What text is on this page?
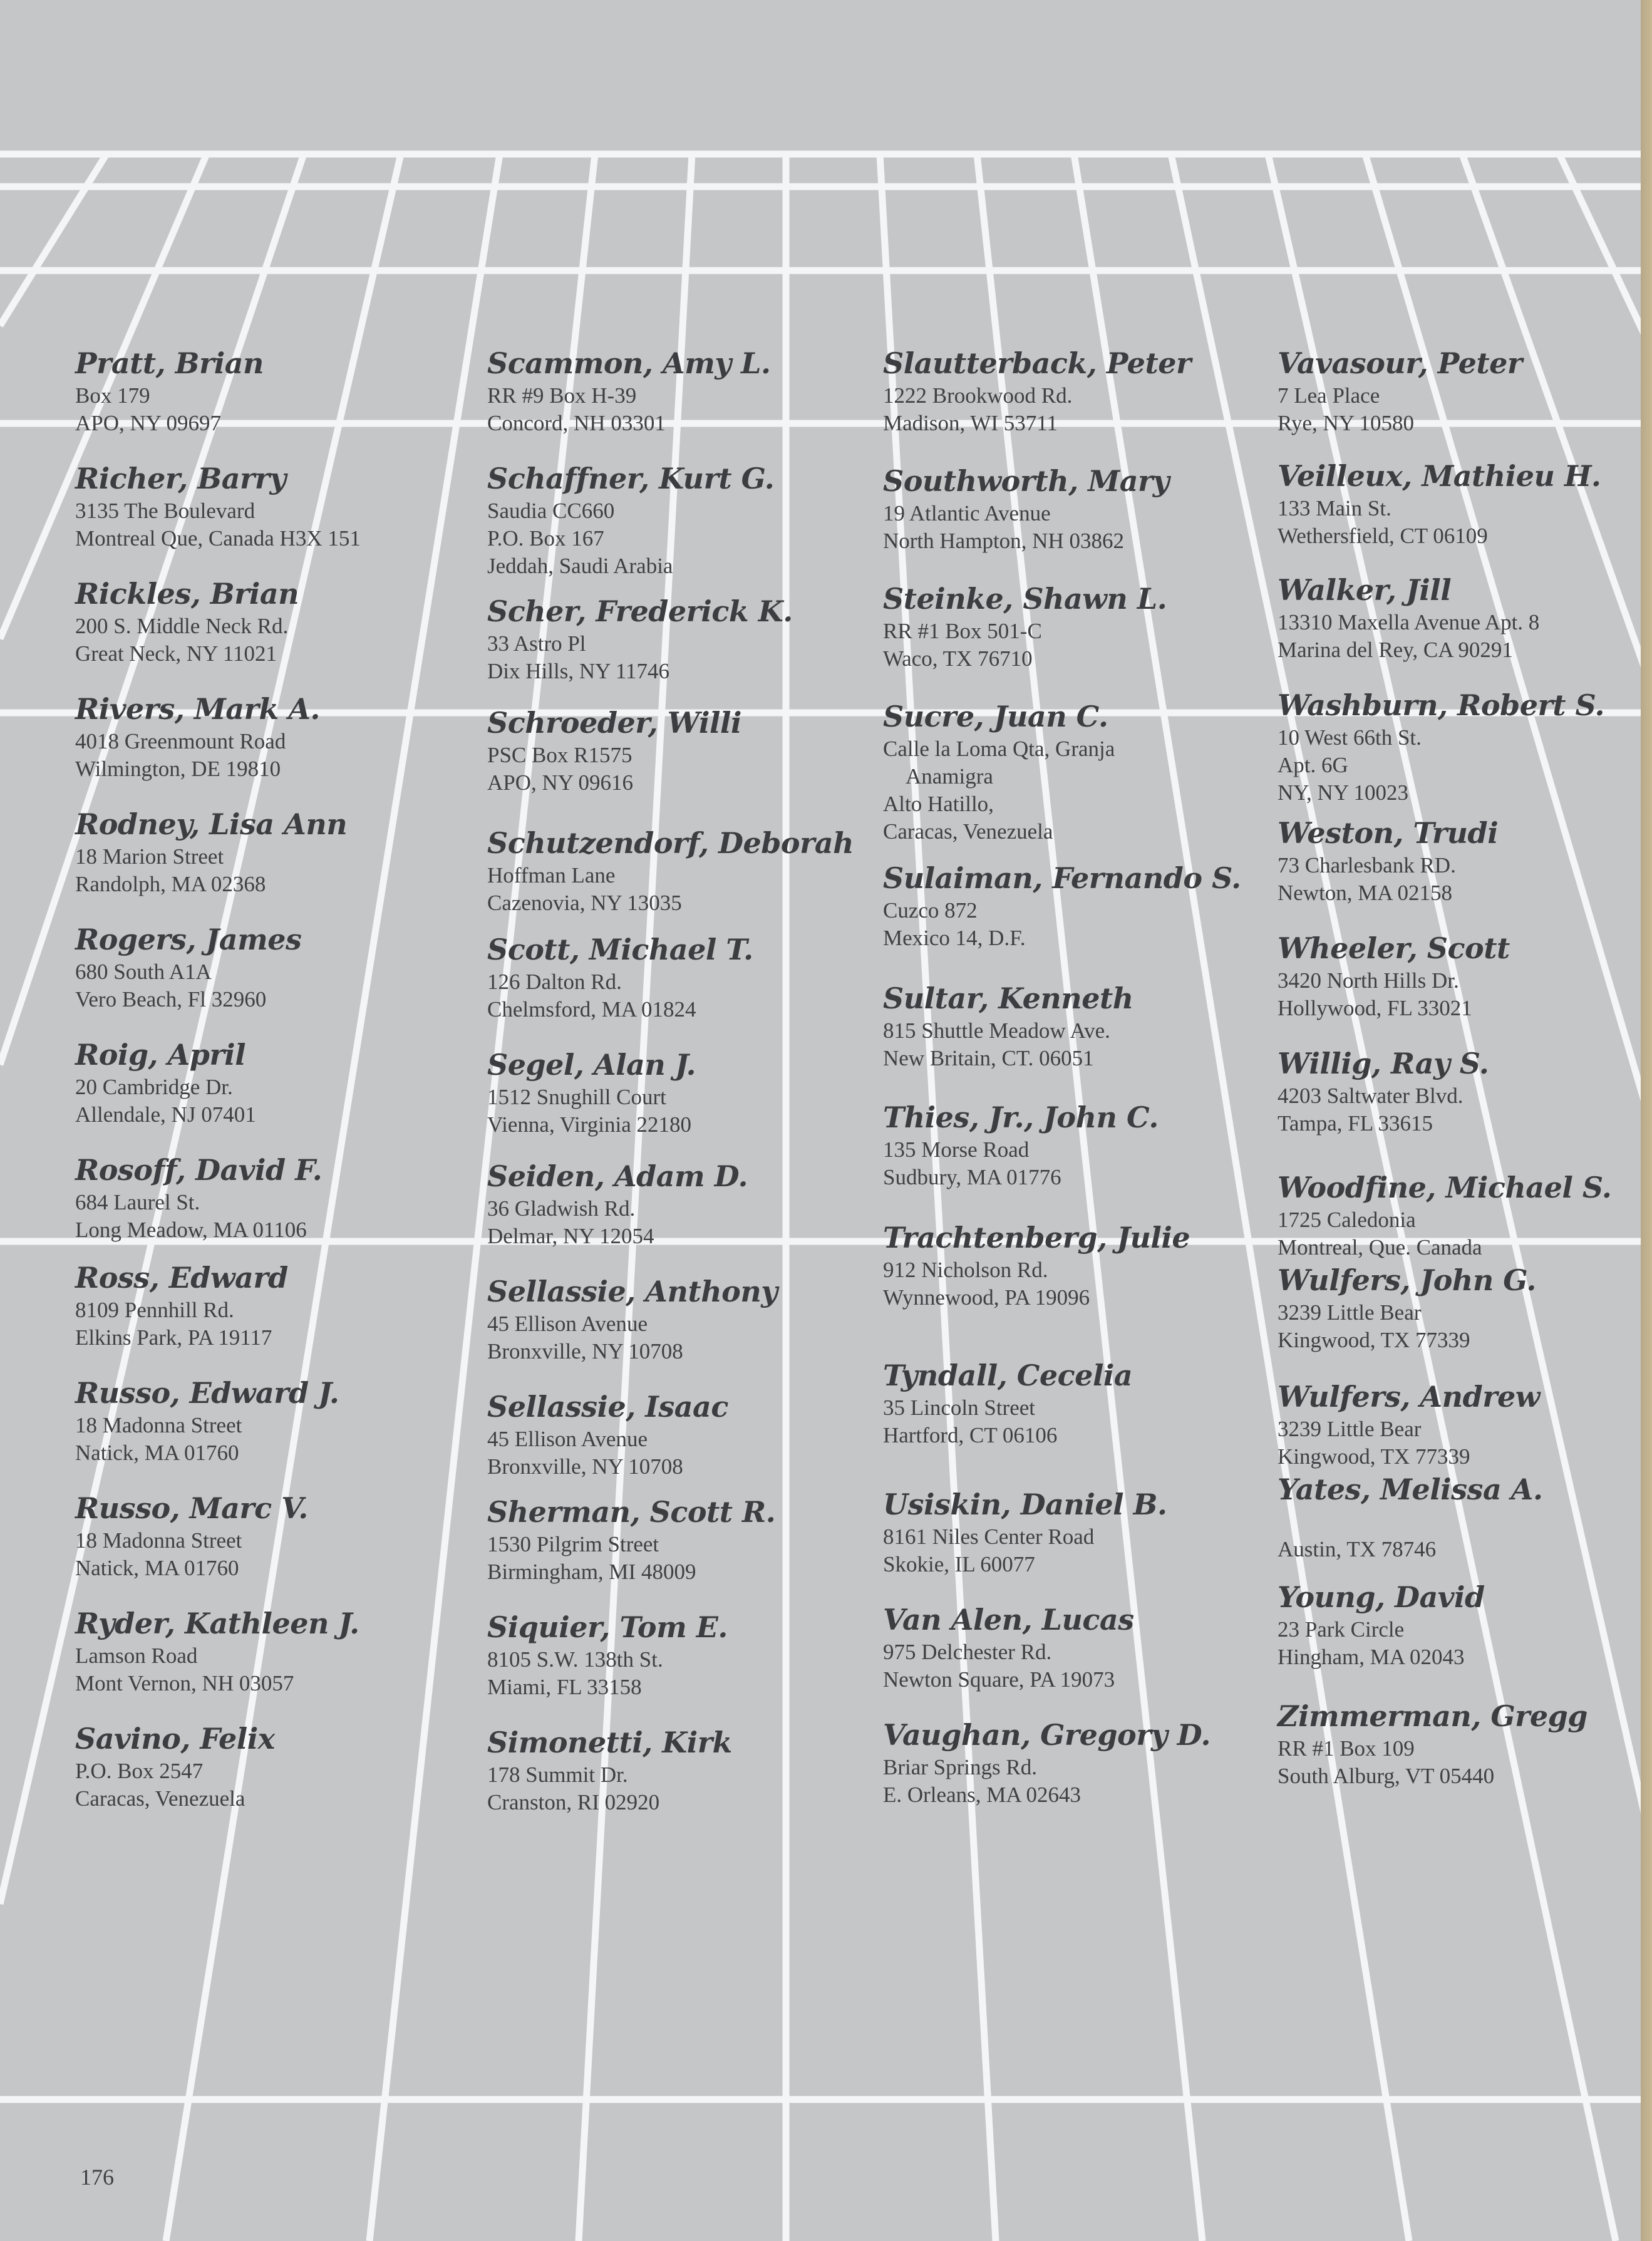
Pratt, Brian
Box 179
APO, NY 09697
Richer, Barry
3135 The Boulevard
Montreal Que, Canada H3X 151
Rickles, Brian
200 S. Middle Neck Rd.
Great Neck, NY 11021
Rivers, Mark A.
4018 Greenmount Road
Wilmington, DE 19810
Rodney, Lisa Ann
18 Marion Street
Randolph, MA 02368
Rogers, James
680 South A1A
Vero Beach, Fl 32960
Roig, April
20 Cambridge Dr.
Allendale, NJ 07401
Rosoff, David F.
684 Laurel St.
Long Meadow, MA 01106
Ross, Edward
8109 Pennhill Rd.
Elkins Park, PA 19117
Russo, Edward J.
18 Madonna Street
Natick, MA 01760
Russo, Marc V.
18 Madonna Street
Natick, MA 01760
Ryder, Kathleen J.
Lamson Road
Mont Vernon, NH 03057
Savino, Felix
P.O. Box 2547
Caracas, Venezuela
Scammon, Amy L.
RR #9 Box H-39
Concord, NH 03301
Schaffner, Kurt G.
Saudia CC660
P.O. Box 167
Jeddah, Saudi Arabia
Scher, Frederick K.
33 Astro Pl
Dix Hills, NY 11746
Schroeder, Willi
PSC Box R1575
APO, NY 09616
Schutzendorf, Deborah
Hoffman Lane
Cazenovia, NY 13035
Scott, Michael T.
126 Dalton Rd.
Chelmsford, MA 01824
Segel, Alan J.
1512 Snughill Court
Vienna, Virginia 22180
Seiden, Adam D.
36 Gladwish Rd.
Delmar, NY 12054
Sellassie, Anthony
45 Ellison Avenue
Bronxville, NY 10708
Sellassie, Isaac
45 Ellison Avenue
Bronxville, NY 10708
Sherman, Scott R.
1530 Pilgrim Street
Birmingham, MI 48009
Siquier, Tom E.
8105 S.W. 138th St.
Miami, FL 33158
Simonetti, Kirk
178 Summit Dr.
Cranston, RI 02920
Slautterback, Peter
1222 Brookwood Rd.
Madison, WI 53711
Southworth, Mary
19 Atlantic Avenue
North Hampton, NH 03862
Steinke, Shawn L.
RR #1 Box 501-C
Waco, TX 76710
Sucre, Juan C.
Calle la Loma Qta, Granja
Anamigra
Alto Hatillo,
Caracas, Venezuela
Sulaiman, Fernando S.
Cuzco 872
Mexico 14, D.F.
Sultar, Kenneth
815 Shuttle Meadow Ave.
New Britain, CT. 06051
Thies, Jr., John C.
135 Morse Road
Sudbury, MA 01776
Trachtenberg, Julie
912 Nicholson Rd.
Wynnewood, PA 19096
Tyndall, Cecelia
35 Lincoln Street
Hartford, CT 06106
Usiskin, Daniel B.
8161 Niles Center Road
Skokie, IL 60077
Van Alen, Lucas
975 Delchester Rd.
Newton Square, PA 19073
Vaughan, Gregory D.
Briar Springs Rd.
E. Orleans, MA 02643
Vavasour, Peter
7 Lea Place
Rye, NY 10580
Veilleux, Mathieu H.
133 Main St.
Wethersfield, CT 06109
Walker, Jill
13310 Maxella Avenue Apt. 8
Marina del Rey, CA 90291
Washburn, Robert S.
10 West 66th St.
Apt. 6G
NY, NY 10023
Weston, Trudi
73 Charlesbank RD.
Newton, MA 02158
Wheeler, Scott
3420 North Hills Dr.
Hollywood, FL 33021
Willig, Ray S.
4203 Saltwater Blvd.
Tampa, FL 33615
Woodfine, Michael S.
1725 Caledonia
Montreal, Que. Canada
Wulfers, John G.
3239 Little Bear
Kingwood, TX 77339
Wulfers, Andrew
3239 Little Bear
Kingwood, TX 77339
Yates, Melissa A.

Austin, TX 78746
Young, David
23 Park Circle
Hingham, MA 02043
Zimmerman, Gregg
RR #1 Box 109
South Alburg, VT 05440
176
